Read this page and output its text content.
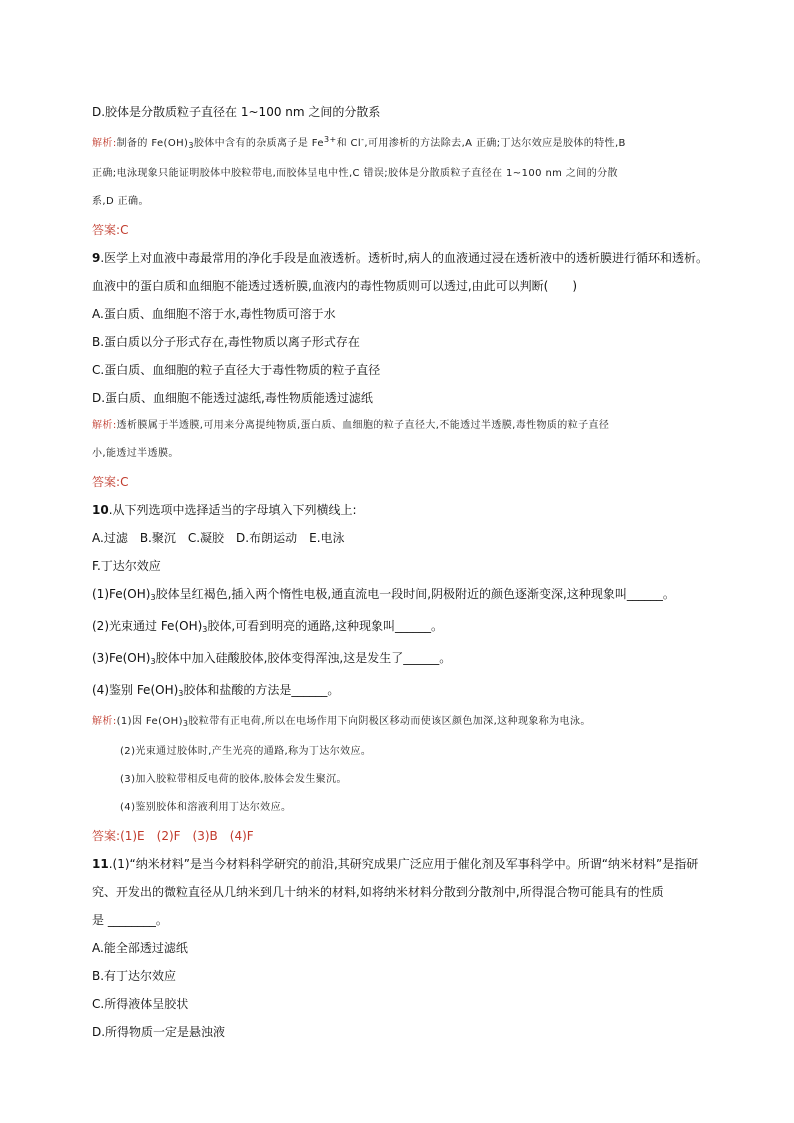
D.胶体是分散质粒子直径在 1~100 nm 之间的分散系
解析:制备的 $Fe(OH)_3$胶体中含有的杂质离子是 $Fe^{3+}$和 Cl-,可用渗析的方法除去,A 正确;丁达尔效应是胶体的特性,B
正确;电泳现象只能证明胶体中胶粒带电,而胶体呈电中性,C 错误;胶体是分散质粒子直径在 1~100 nm 之间的分散
系,D 正确。
答案:C
9.医学上对血液中毒最常用的净化手段是血液透析。透析时,病人的血液通过浸在透析液中的透析膜进行循环和透析。
血液中的蛋白质和血细胞不能透过透析膜,血液内的毒性物质则可以透过,由此可以判断(　　)
A.蛋白质、血细胞不溶于水,毒性物质可溶于水
B.蛋白质以分子形式存在,毒性物质以离子形式存在
C.蛋白质、血细胞的粒子直径大于毒性物质的粒子直径
D.蛋白质、血细胞不能透过滤纸,毒性物质能透过滤纸
解析:透析膜属于半透膜,可用来分离提纯物质,蛋白质、血细胞的粒子直径大,不能透过半透膜,毒性物质的粒子直径
小,能透过半透膜。
答案:C
10.从下列选项中选择适当的字母填入下列横线上:
A.过滤　B.聚沉　C.凝胶　D.布朗运动　E.电泳
F.丁达尔效应
$(1)Fe(OH)_3$胶体呈红褐色,插入两个惰性电极,通直流电一段时间,阴极附近的颜色逐渐变深,这种现象叫______。
(2)光束通过 $Fe(OH)_3$胶体,可看到明亮的通路,这种现象叫______。
$(3)Fe(OH)_3$胶体中加入硅酸胶体,胶体变得浑浊,这是发生了______。
(4)鉴别 $Fe(OH)_3$胶体和盐酸的方法是______。
解析:(1)因 $Fe(OH)_3$胶粒带有正电荷,所以在电场作用下向阴极区移动而使该区颜色加深,这种现象称为电泳。
(2)光束通过胶体时,产生光亮的通路,称为丁达尔效应。
(3)加入胶粒带相反电荷的胶体,胶体会发生聚沉。
(4)鉴别胶体和溶液利用丁达尔效应。
答案:(1)E　(2)F　(3)B　(4)F
11.(1)“纳米材料”是当今材料科学研究的前沿,其研究成果广泛应用于催化剂及军事科学中。所谓“纳米材料”是指研
究、开发出的微粒直径从几纳米到几十纳米的材料,如将纳米材料分散到分散剂中,所得混合物可能具有的性质
是 ________。
A.能全部透过滤纸
B.有丁达尔效应
C.所得液体呈胶状
D.所得物质一定是悬浊液
